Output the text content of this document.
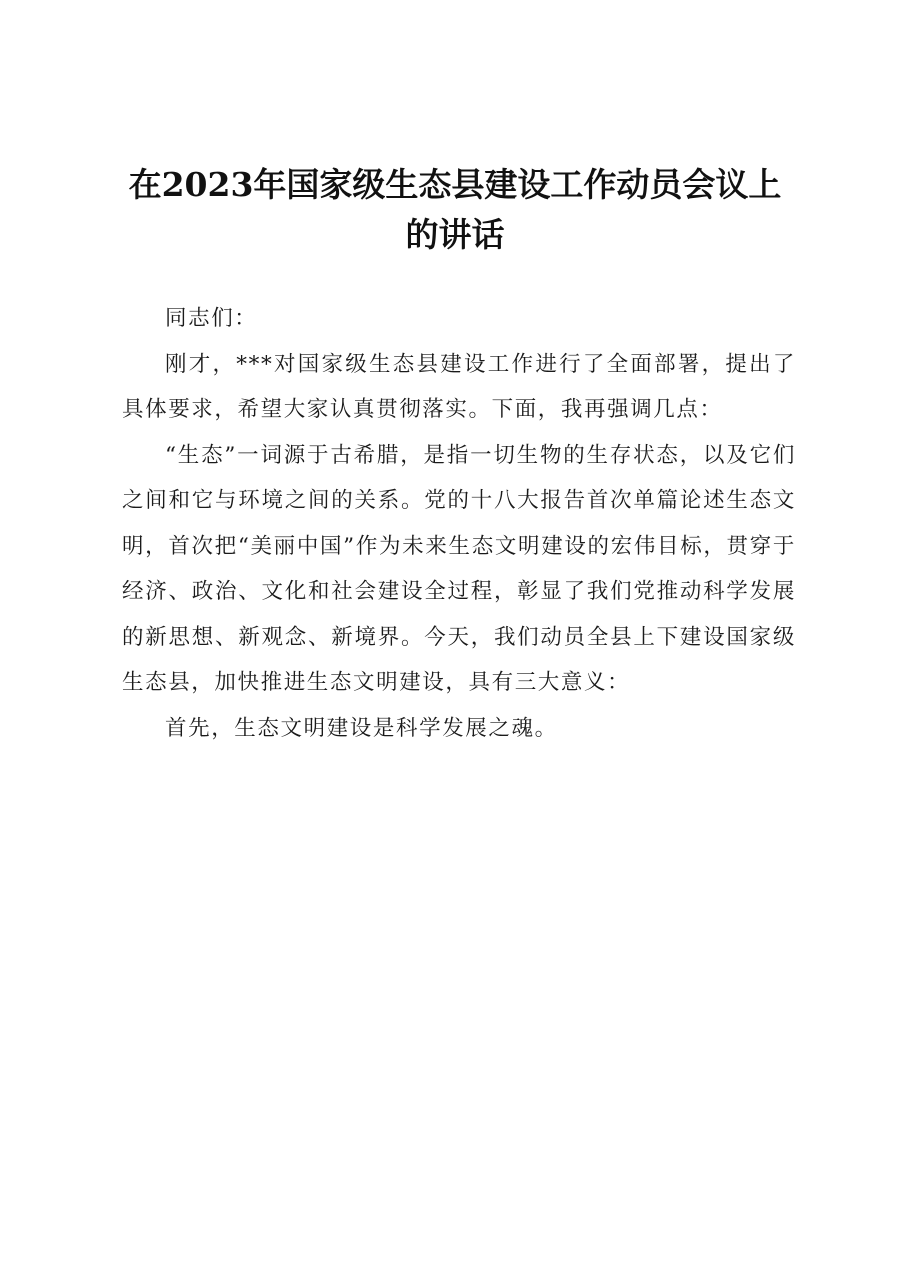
在2023年国家级生态县建设工作动员会议上
的讲话

同志们：

刚才，***对国家级生态县建设工作进行了全面部署，提出了具体要求，希望大家认真贯彻落实。下面，我再强调几点：

“生态”一词源于古希腊，是指一切生物的生存状态，以及它们之间和它与环境之间的关系。党的十八大报告首次单篇论述生态文明，首次把“美丽中国”作为未来生态文明建设的宏伟目标，贯穿于经济、政治、文化和社会建设全过程，彰显了我们党推动科学发展的新思想、新观念、新境界。今天，我们动员全县上下建设国家级生态县，加快推进生态文明建设，具有三大意义：

首先，生态文明建设是科学发展之魂。
